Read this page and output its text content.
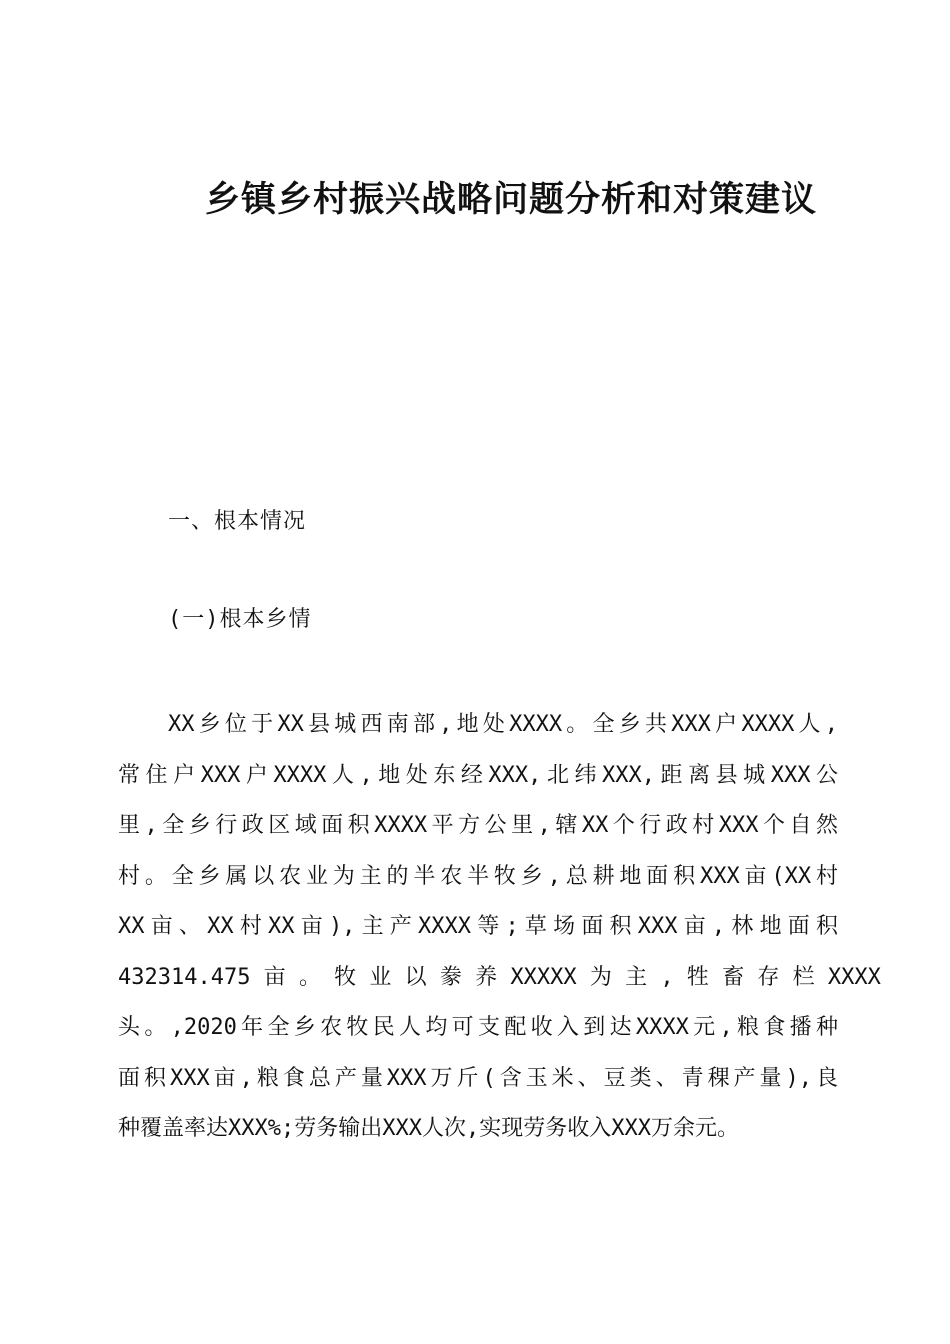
乡镇乡村振兴战略问题分析和对策建议
一、根本情况
(一)根本乡情
XX乡位于XX县城西南部,地处XXXX。全乡共XXX户XXXX人,
常住户XXX户XXXX人,地处东经XXX,北纬XXX,距离县城XXX公
里,全乡行政区域面积XXXX平方公里,辖XX个行政村XXX个自然
村。全乡属以农业为主的半农半牧乡,总耕地面积XXX亩(XX村
XX亩、XX村XX亩),主产XXXX等;草场面积XXX亩,林地面积
432314.475 亩 。 牧 业 以 豢 养 XXXXX 为 主 , 牲 畜 存 栏 XXXX
头。,2020年全乡农牧民人均可支配收入到达XXXX元,粮食播种
面积XXX亩,粮食总产量XXX万斤(含玉米、豆类、青稞产量),良
种覆盖率达XXX%;劳务输出XXX人次,实现劳务收入XXX万余元。
